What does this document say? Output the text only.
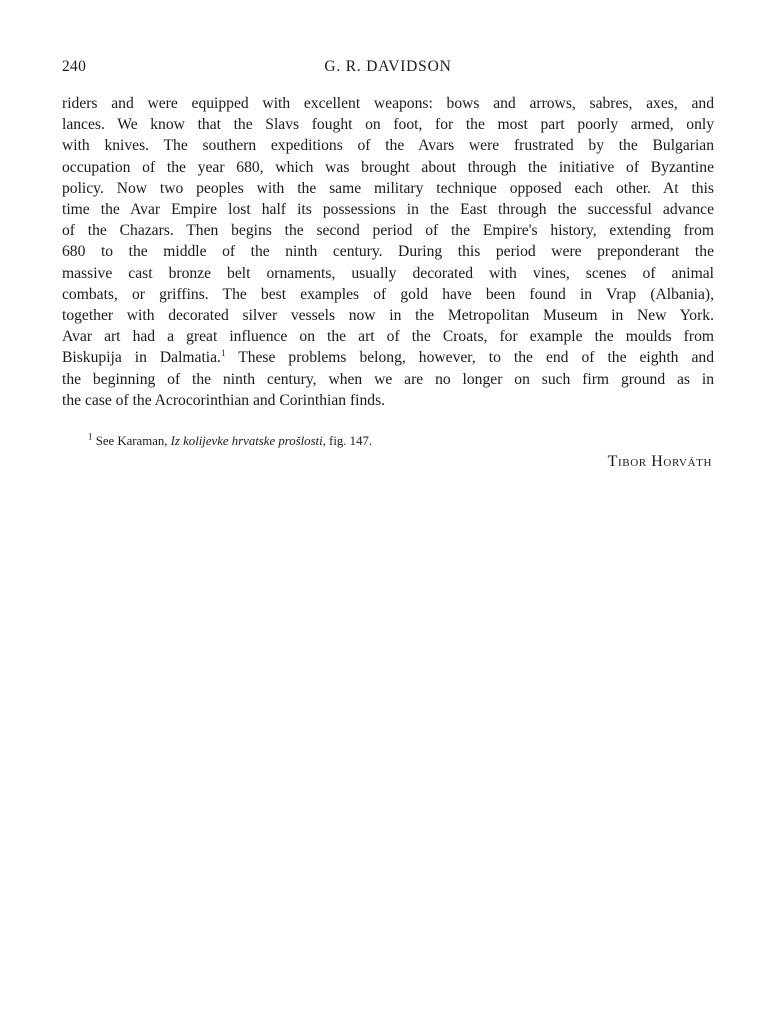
240	G. R. DAVIDSON
riders and were equipped with excellent weapons: bows and arrows, sabres, axes, and
lances. We know that the Slavs fought on foot, for the most part poorly armed, only
with knives. The southern expeditions of the Avars were frustrated by the Bulgarian
occupation of the year 680, which was brought about through the initiative of Byzantine
policy. Now two peoples with the same military technique opposed each other. At this
time the Avar Empire lost half its possessions in the East through the successful advance
of the Chazars. Then begins the second period of the Empire's history, extending from
680 to the middle of the ninth century. During this period were preponderant the
massive cast bronze belt ornaments, usually decorated with vines, scenes of animal
combats, or griffins. The best examples of gold have been found in Vrap (Albania),
together with decorated silver vessels now in the Metropolitan Museum in New York.
Avar art had a great influence on the art of the Croats, for example the moulds from
Biskupija in Dalmatia.$^1$ These problems belong, however, to the end of the eighth and
the beginning of the ninth century, when we are no longer on such firm ground as in
the case of the Acrocorinthian and Corinthian finds.
$^1$ See Karaman, Iz kolijevke hrvatske prošlosti, fig. 147.
Tibor Horváth
